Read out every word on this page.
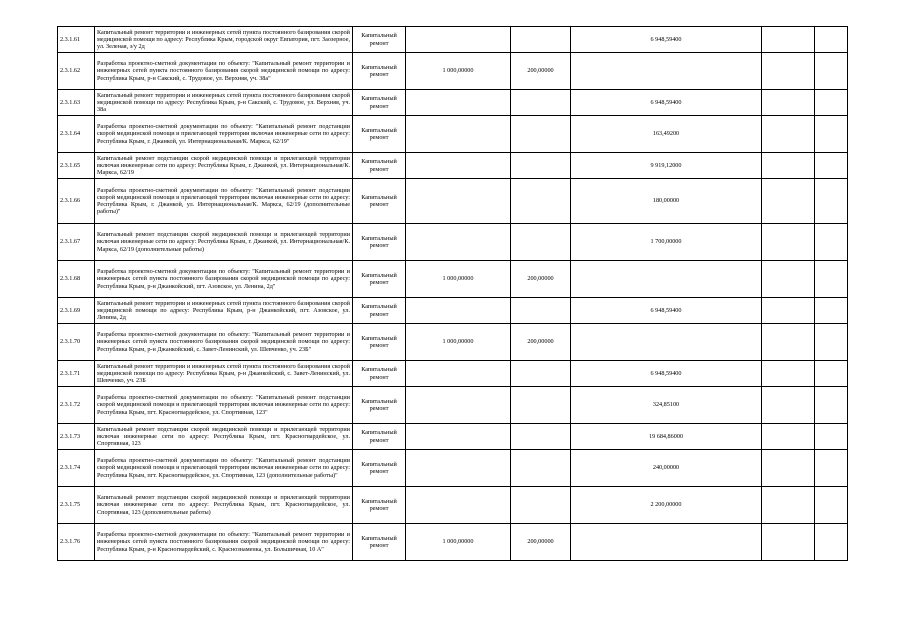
2.3.1.61	Капитальный ремонт территории и инженерных сетей пункта постоянного базирования скорой медицинской помощи по адресу: Республика Крым, городской округ Евпатория, пгт. Заозерное, ул. Зеленая, з/у 2д	Капитальный ремонт			6 948,59400		
2.3.1.62	Разработка проектно-сметной документации по объекту: "Капитальный ремонт территории и инженерных сетей пункта постоянного базирования скорой медицинской помощи по адресу: Республика Крым, р-н Сакский, с. Трудовое, ул. Верхняя, уч. 38а"	Капитальный ремонт	1 000,00000	200,00000			
2.3.1.63	Капитальный ремонт территории и инженерных сетей пункта постоянного базирования скорой медицинской помощи по адресу: Республика Крым, р-н Сакский, с. Трудовое, ул. Верхняя, уч. 38а	Капитальный ремонт			6 948,59400		
2.3.1.64	Разработка проектно-сметной документации по объекту: "Капитальный ремонт подстанции скорой медицинской помощи и прилегающей территории включая инженерные сети по адресу: Республика Крым, г. Джанкой, ул. Интернациональная/К. Маркса, 62/19"	Капитальный ремонт			163,49200		
2.3.1.65	Капитальный ремонт подстанции скорой медицинской помощи и прилегающей территории включая инженерные сети по адресу: Республика Крым, г. Джанкой, ул. Интернациональная/К. Маркса, 62/19	Капитальный ремонт			9 919,12000		
2.3.1.66	Разработка проектно-сметной документации по объекту: "Капитальный ремонт подстанции скорой медицинской помощи и прилегающей территории включая инженерные сети по адресу: Республика Крым, г. Джанкой, ул. Интернациональная/К. Маркса, 62/19 (дополнительные работы)"	Капитальный ремонт			180,00000		
2.3.1.67	Капитальный ремонт подстанции скорой медицинской помощи и прилегающей территории включая инженерные сети по адресу: Республика Крым, г. Джанкой, ул. Интернациональная/К. Маркса, 62/19 (дополнительные работы)	Капитальный ремонт			1 700,00000		
2.3.1.68	Разработка проектно-сметной документации по объекту: "Капитальный ремонт территории и инженерных сетей пункта постоянного базирования скорой медицинской помощи по адресу: Республика Крым, р-н Джанкойский, пгт. Азовское, ул. Ленина, 2д"	Капитальный ремонт	1 000,00000	200,00000			
2.3.1.69	Капитальный ремонт территории и инженерных сетей пункта постоянного базирования скорой медицинской помощи по адресу: Республика Крым, р-н Джанкойский, пгт. Азовское, ул. Ленина, 2д	Капитальный ремонт			6 948,59400		
2.3.1.70	Разработка проектно-сметной документации по объекту: "Капитальный ремонт территории и инженерных сетей пункта постоянного базирования скорой медицинской помощи по адресу: Республика Крым, р-н Джанкойский, с. Завет-Ленинский, ул. Шевченко, уч. 23Б"	Капитальный ремонт	1 000,00000	200,00000			
2.3.1.71	Капитальный ремонт территории и инженерных сетей пункта постоянного базирования скорой медицинской помощи по адресу: Республика Крым, р-н Джанкойский, с. Завет-Ленинский, ул. Шевченко, уч. 23Б	Капитальный ремонт			6 948,59400		
2.3.1.72	Разработка проектно-сметной документации по объекту: "Капитальный ремонт подстанции скорой медицинской помощи и прилегающей территории включая инженерные сети по адресу: Республика Крым, пгт. Красногвардейское, ул. Спортивная, 123"	Капитальный ремонт			324,85100		
2.3.1.73	Капитальный ремонт подстанции скорой медицинской помощи и прилегающей территории включая инженерные сети по адресу: Республика Крым, пгт. Красногвардейское, ул. Спортивная, 123	Капитальный ремонт			19 684,86000		
2.3.1.74	Разработка проектно-сметной документации по объекту: "Капитальный ремонт подстанции скорой медицинской помощи и прилегающей территории включая инженерные сети по адресу: Республика Крым, пгт. Красногвардейское, ул. Спортивная, 123 (дополнительные работы)"	Капитальный ремонт			240,00000		
2.3.1.75	Капитальный ремонт подстанции скорой медицинской помощи и прилегающей территории включая инженерные сети по адресу: Республика Крым, пгт. Красногвардейское, ул. Спортивная, 123 (дополнительные работы)	Капитальный ремонт			2 200,00000		
2.3.1.76	Разработка проектно-сметной документации по объекту: "Капитальный ремонт территории и инженерных сетей пункта постоянного базирования скорой медицинской помощи по адресу: Республика Крым, р-н Красногвардейский, с. Краснознаменка, ул. Большичная, 10 А"	Капитальный ремонт	1 000,00000	200,00000			
